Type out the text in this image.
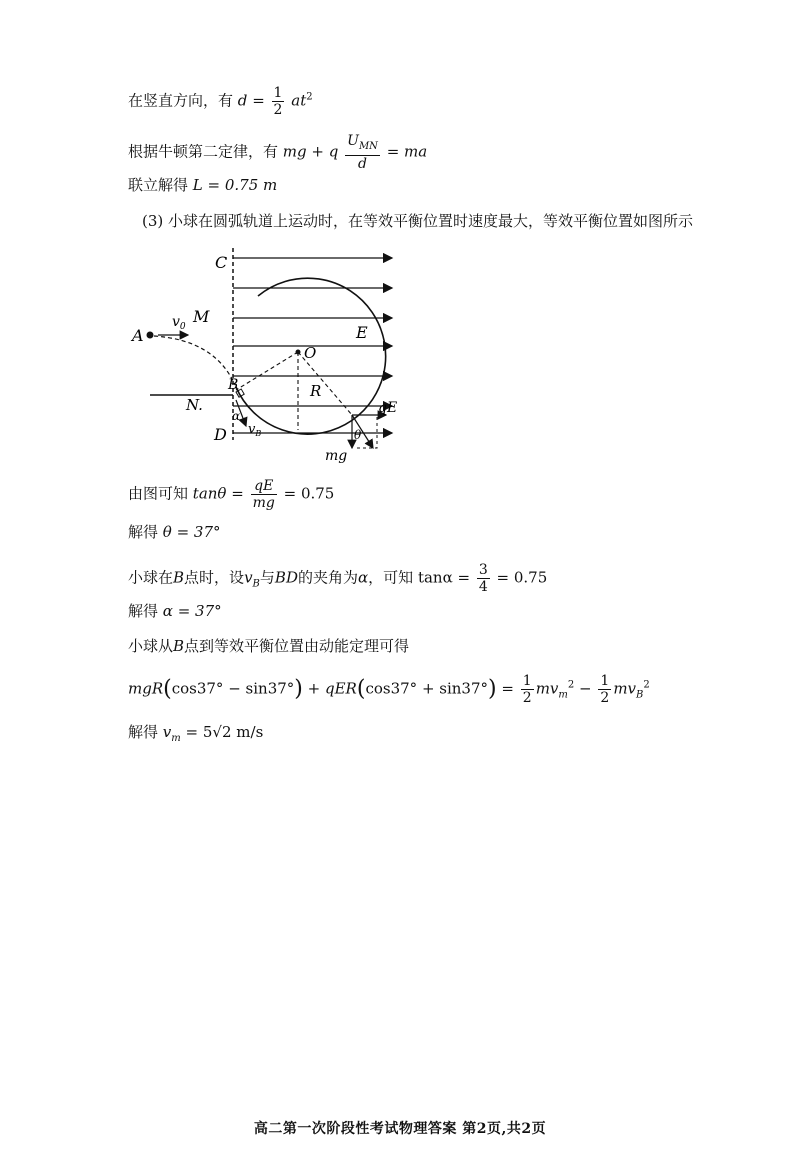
在竖直方向，有 $d = \frac{1}{2} at^2$
根据牛顿第二定律，有 mg + q $\frac{U_{MN}}{d}$ = ma
联立解得 L = 0.75 m
(3) 小球在圆弧轨道上运动时，在等效平衡位置时速度最大，等效平衡位置如图所示
C
A
$v_0$
M
O
E
R
B
N.
α
$v_B$
D
qE
θ
mg
由图可知 $\tan\theta = \frac{qE}{mg} = 0.75$
解得 θ = 37°
小球在B点时，设$v_B$与BD的夹角为α，可知 $\tan\alpha = \frac{3}{4} = 0.75$
解得 α = 37°
小球从B点到等效平衡位置由动能定理可得
$mgR(\cos 37^\circ - \sin 37^\circ) + qER(\cos 37^\circ + \sin 37^\circ) = \frac{1}{2} mv_m^2 - \frac{1}{2} mv_B^2$
解得 $v_m = 5√2$ m/s
高二第一次阶段性考试物理答案 第2页,共2页
